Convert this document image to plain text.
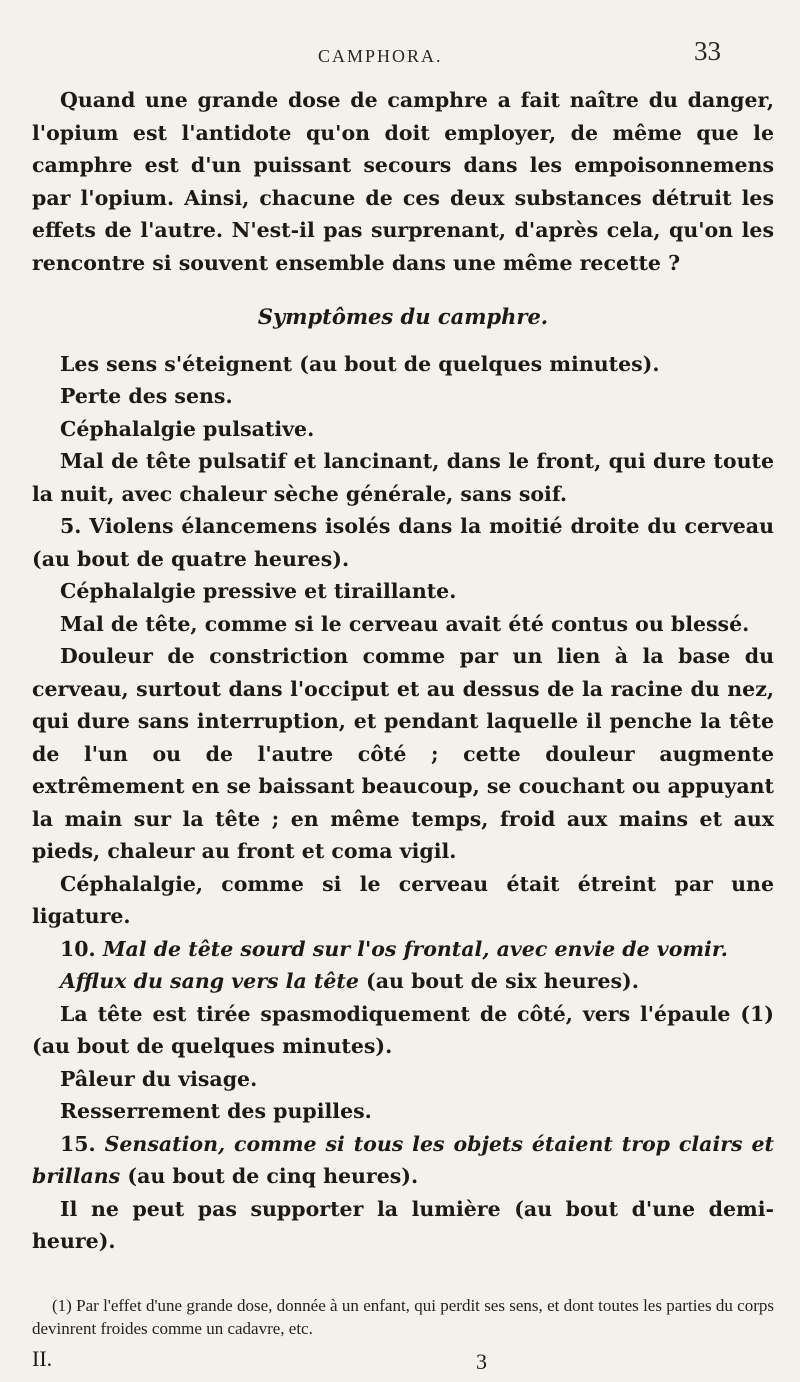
CAMPHORA.	33

Quand une grande dose de camphre a fait naître du danger, l'opium est l'antidote qu'on doit employer, de même que le camphre est d'un puissant secours dans les empoisonnemens par l'opium. Ainsi, chacune de ces deux substances détruit les effets de l'autre. N'est-il pas surprenant, d'après cela, qu'on les rencontre si souvent ensemble dans une même recette ?

Symptômes du camphre.

Les sens s'éteignent (au bout de quelques minutes).

Perte des sens.

Céphalalgie pulsative.

Mal de tête pulsatif et lancinant, dans le front, qui dure toute la nuit, avec chaleur sèche générale, sans soif.

5. Violens élancemens isolés dans la moitié droite du cerveau (au bout de quatre heures).

Céphalalgie pressive et tiraillante.

Mal de tête, comme si le cerveau avait été contus ou blessé.

Douleur de constriction comme par un lien à la base du cerveau, surtout dans l'occiput et au dessus de la racine du nez, qui dure sans interruption, et pendant laquelle il penche la tête de l'un ou de l'autre côté ; cette douleur augmente extrêmement en se baissant beaucoup, se couchant ou appuyant la main sur la tête ; en même temps, froid aux mains et aux pieds, chaleur au front et coma vigil.

Céphalalgie, comme si le cerveau était étreint par une ligature.

10. Mal de tête sourd sur l'os frontal, avec envie de vomir.

Afflux du sang vers la tête (au bout de six heures).

La tête est tirée spasmodiquement de côté, vers l'épaule (1) (au bout de quelques minutes).

Pâleur du visage.

Resserrement des pupilles.

15. Sensation, comme si tous les objets étaient trop clairs et brillans (au bout de cinq heures).

Il ne peut pas supporter la lumière (au bout d'une demi-heure).

(1) Par l'effet d'une grande dose, donnée à un enfant, qui perdit ses sens, et dont toutes les parties du corps devinrent froides comme un cadavre, etc.
II.	3
